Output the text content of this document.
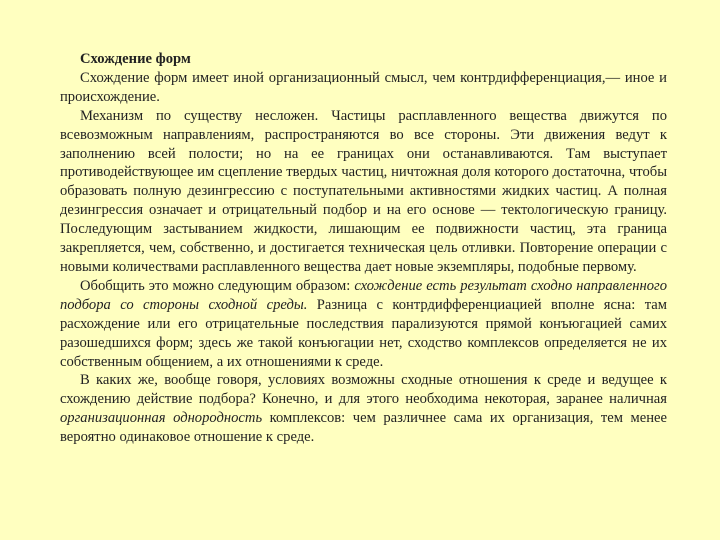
Схождение форм

Схождение форм имеет иной организационный смысл, чем контрдифференциация,— иное и происхождение.

Механизм по существу несложен. Частицы расплавленного вещества движутся по всевозможным направлениям, распространяются во все стороны. Эти движения ведут к заполнению всей полости; но на ее границах они останавливаются. Там выступает противодействующее им сцепление твердых частиц, ничтожная доля которого достаточна, чтобы образовать полную дезингрессию с поступательными активностями жидких частиц. А полная дезингрессия означает и отрицательный подбор и на его основе — тектологическую границу. Последующим застыванием жидкости, лишающим ее подвижности частиц, эта граница закрепляется, чем, собственно, и достигается техническая цель отливки. Повторение операции с новыми количествами расплавленного вещества дает новые экземпляры, подобные первому.

Обобщить это можно следующим образом: схождение есть результат сходно направленного подбора со стороны сходной среды. Разница с контрдифференциацией вполне ясна: там расхождение или его отрицательные последствия парализуются прямой конъюгацией самих разошедшихся форм; здесь же такой конъюгации нет, сходство комплексов определяется не их собственным общением, а их отношениями к среде.

В каких же, вообще говоря, условиях возможны сходные отношения к среде и ведущее к схождению действие подбора? Конечно, и для этого необходима некоторая, заранее наличная организационная однородность комплексов: чем различнее сама их организация, тем менее вероятно одинаковое отношение к среде.
